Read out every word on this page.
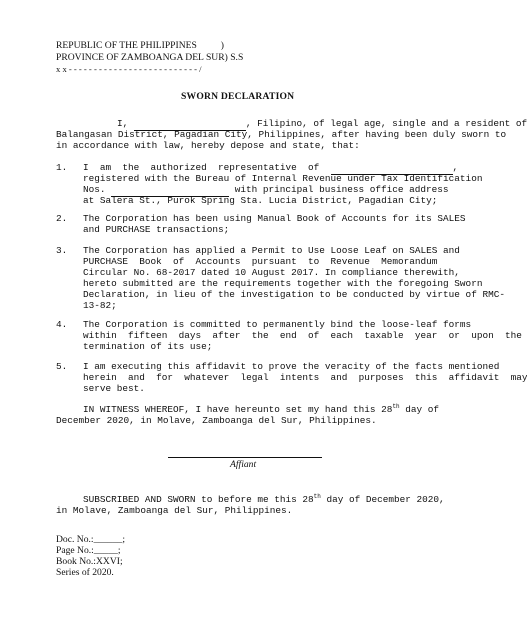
REPUBLIC OF THE PHILIPPINES          )
PROVINCE OF ZAMBOANGA DEL SUR) S.S
x x - - - - - - - - - - - - - - - - - - - - - - - - - - /
SWORN DECLARATION
I,	, Filipino, of legal age, single and a resident of
Balangasan District, Pagadian City, Philippines, after having been duly sworn to
in accordance with law, hereby depose and state, that:
1. I  am  the  authorized  representative  of	,
registered with the Bureau of Internal Revenue under Tax Identification
Nos.	with principal business office address
at Salera St., Purok Spring Sta. Lucia District, Pagadian City;
2. The Corporation has been using Manual Book of Accounts for its SALES
and PURCHASE transactions;
3. The Corporation has applied a Permit to Use Loose Leaf on SALES and
PURCHASE  Book  of  Accounts  pursuant  to  Revenue  Memorandum
Circular No. 68-2017 dated 10 August 2017. In compliance therewith,
hereto submitted are the requirements together with the foregoing Sworn
Declaration, in lieu of the investigation to be conducted by virtue of RMC-
13-82;
4. The Corporation is committed to permanently bind the loose-leaf forms
within  fifteen  days  after  the  end  of  each  taxable  year  or  upon  the
termination of its use;
5. I am executing this affidavit to prove the veracity of the facts mentioned
herein  and  for  whatever  legal  intents  and  purposes  this  affidavit  may
serve best.
IN WITNESS WHEREOF, I have hereunto set my hand this 28th day of
December 2020, in Molave, Zamboanga del Sur, Philippines.
Affiant
SUBSCRIBED AND SWORN to before me this 28th day of December 2020,
in Molave, Zamboanga del Sur, Philippines.
Doc. No.:______;
Page No.:_____;
Book No.:XXVI;
Series of 2020.
